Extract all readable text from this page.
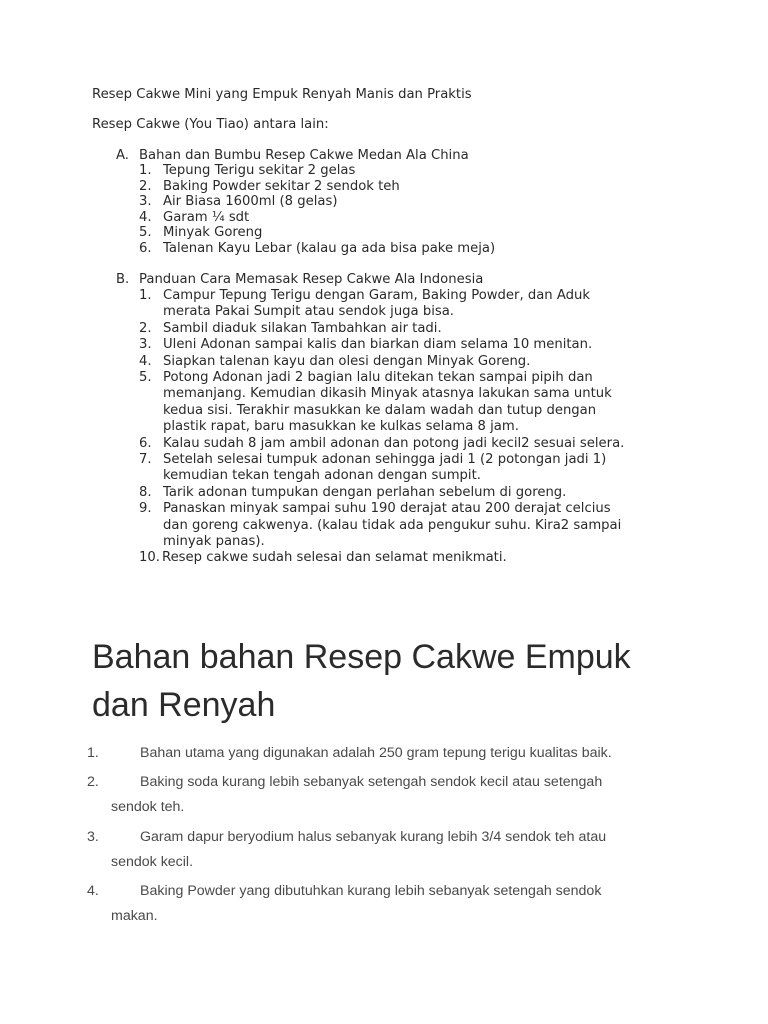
Resep Cakwe Mini yang Empuk Renyah Manis dan Praktis
Resep Cakwe (You Tiao) antara lain:
A. Bahan dan Bumbu Resep Cakwe Medan Ala China
1. Tepung Terigu sekitar 2 gelas
2. Baking Powder sekitar 2 sendok teh
3. Air Biasa 1600ml (8 gelas)
4. Garam ¼ sdt
5. Minyak Goreng
6. Talenan Kayu Lebar (kalau ga ada bisa pake meja)
B. Panduan Cara Memasak Resep Cakwe Ala Indonesia
1. Campur Tepung Terigu dengan Garam, Baking Powder, dan Aduk
merata Pakai Sumpit atau sendok juga bisa.
2. Sambil diaduk silakan Tambahkan air tadi.
3. Uleni Adonan sampai kalis dan biarkan diam selama 10 menitan.
4. Siapkan talenan kayu dan olesi dengan Minyak Goreng.
5. Potong Adonan jadi 2 bagian lalu ditekan tekan sampai pipih dan
memanjang. Kemudian dikasih Minyak atasnya lakukan sama untuk
kedua sisi. Terakhir masukkan ke dalam wadah dan tutup dengan
plastik rapat, baru masukkan ke kulkas selama 8 jam.
6. Kalau sudah 8 jam ambil adonan dan potong jadi kecil2 sesuai selera.
7. Setelah selesai tumpuk adonan sehingga jadi 1 (2 potongan jadi 1)
kemudian tekan tengah adonan dengan sumpit.
8. Tarik adonan tumpukan dengan perlahan sebelum di goreng.
9. Panaskan minyak sampai suhu 190 derajat atau 200 derajat celcius
dan goreng cakwenya. (kalau tidak ada pengukur suhu. Kira2 sampai
minyak panas).
10. Resep cakwe sudah selesai dan selamat menikmati.
Bahan bahan Resep Cakwe Empuk
dan Renyah
1.	Bahan utama yang digunakan adalah 250 gram tepung terigu kualitas baik.
2.	Baking soda kurang lebih sebanyak setengah sendok kecil atau setengah
sendok teh.
3.	Garam dapur beryodium halus sebanyak kurang lebih 3/4 sendok teh atau
sendok kecil.
4.	Baking Powder yang dibutuhkan kurang lebih sebanyak setengah sendok
makan.
